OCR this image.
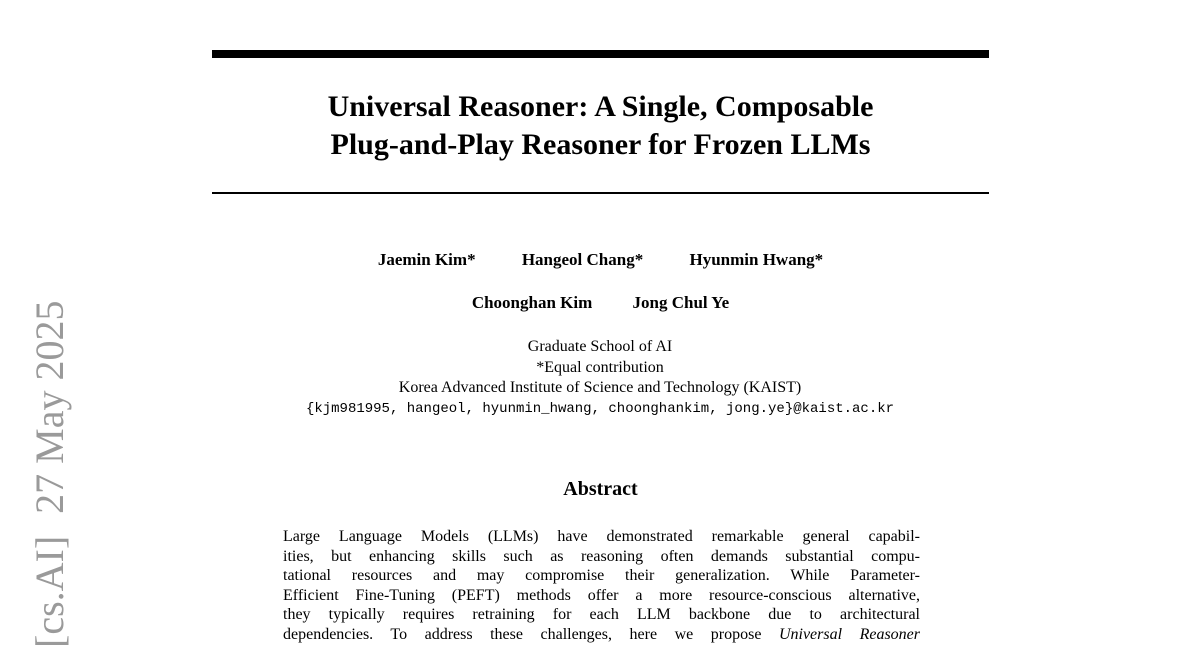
Universal Reasoner: A Single, Composable
Plug-and-Play Reasoner for Frozen LLMs
Jaemin Kim*	Hangeol Chang*	Hyunmin Hwang*
Choonghan Kim Jong Chul Ye
Graduate School of AI
*Equal contribution
Korea Advanced Institute of Science and Technology (KAIST)
{kjm981995, hangeol, hyunmin_hwang, choonghankim, jong.ye}@kaist.ac.kr
Abstract
Large Language Models (LLMs) have demonstrated remarkable general capabil-
ities, but enhancing skills such as reasoning often demands substantial compu-
tational resources and may compromise their generalization. While Parameter-
Efficient Fine-Tuning (PEFT) methods offer a more resource-conscious alternative,
they typically requires retraining for each LLM backbone due to architectural
dependencies. To address these challenges, here we propose Universal Reasoner
[cs.AI]27 May 2025
